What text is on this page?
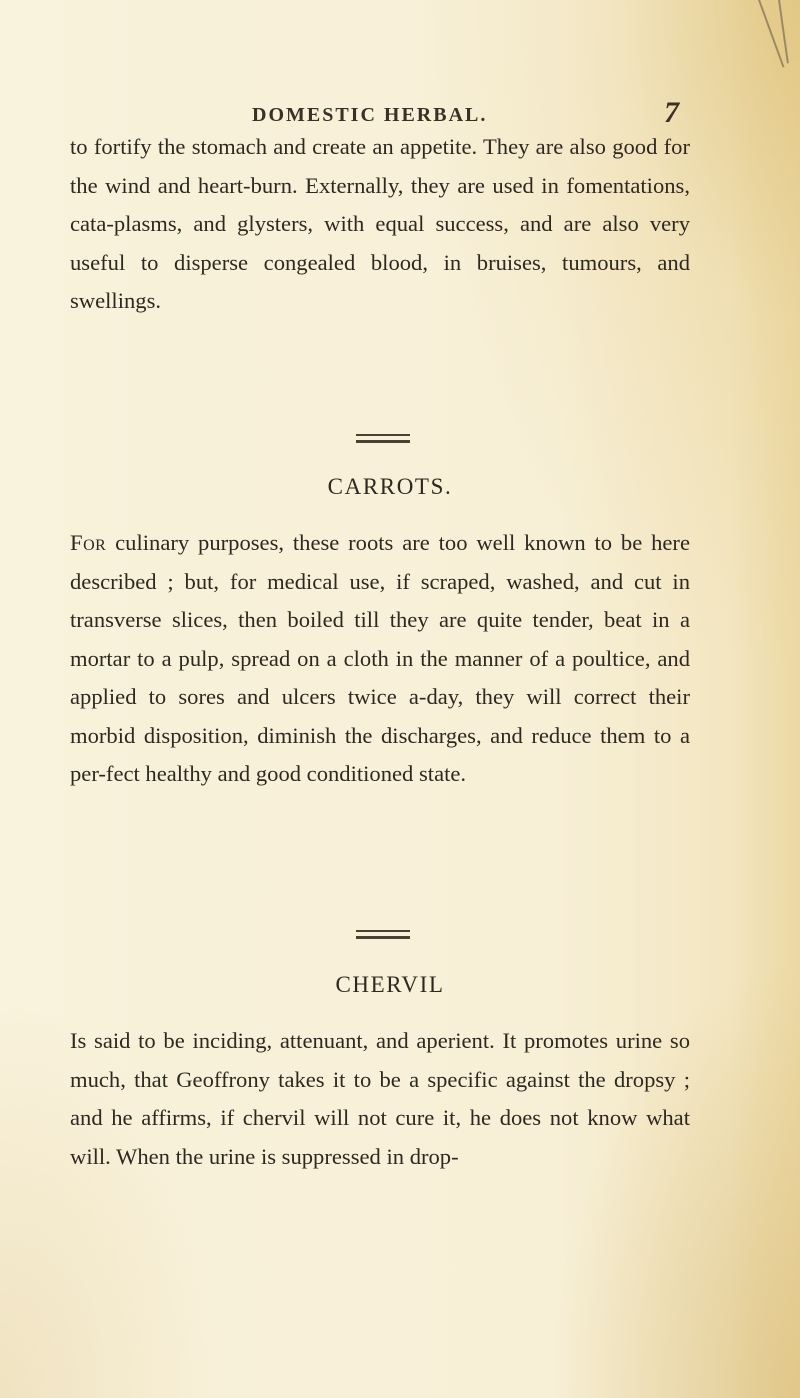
DOMESTIC HERBAL.	7
to fortify the stomach and create an appetite. They are also good for the wind and heart-burn. Externally, they are used in fomentations, cata-plasms, and glysters, with equal success, and are also very useful to disperse congealed blood, in bruises, tumours, and swellings.
CARROTS.
For culinary purposes, these roots are too well known to be here described ; but, for medical use, if scraped, washed, and cut in transverse slices, then boiled till they are quite tender, beat in a mortar to a pulp, spread on a cloth in the manner of a poultice, and applied to sores and ulcers twice a-day, they will correct their morbid disposition, diminish the discharges, and reduce them to a per-fect healthy and good conditioned state.
CHERVIL
Is said to be inciding, attenuant, and aperient. It promotes urine so much, that Geoffrony takes it to be a specific against the dropsy ; and he affirms, if chervil will not cure it, he does not know what will. When the urine is suppressed in drop-
